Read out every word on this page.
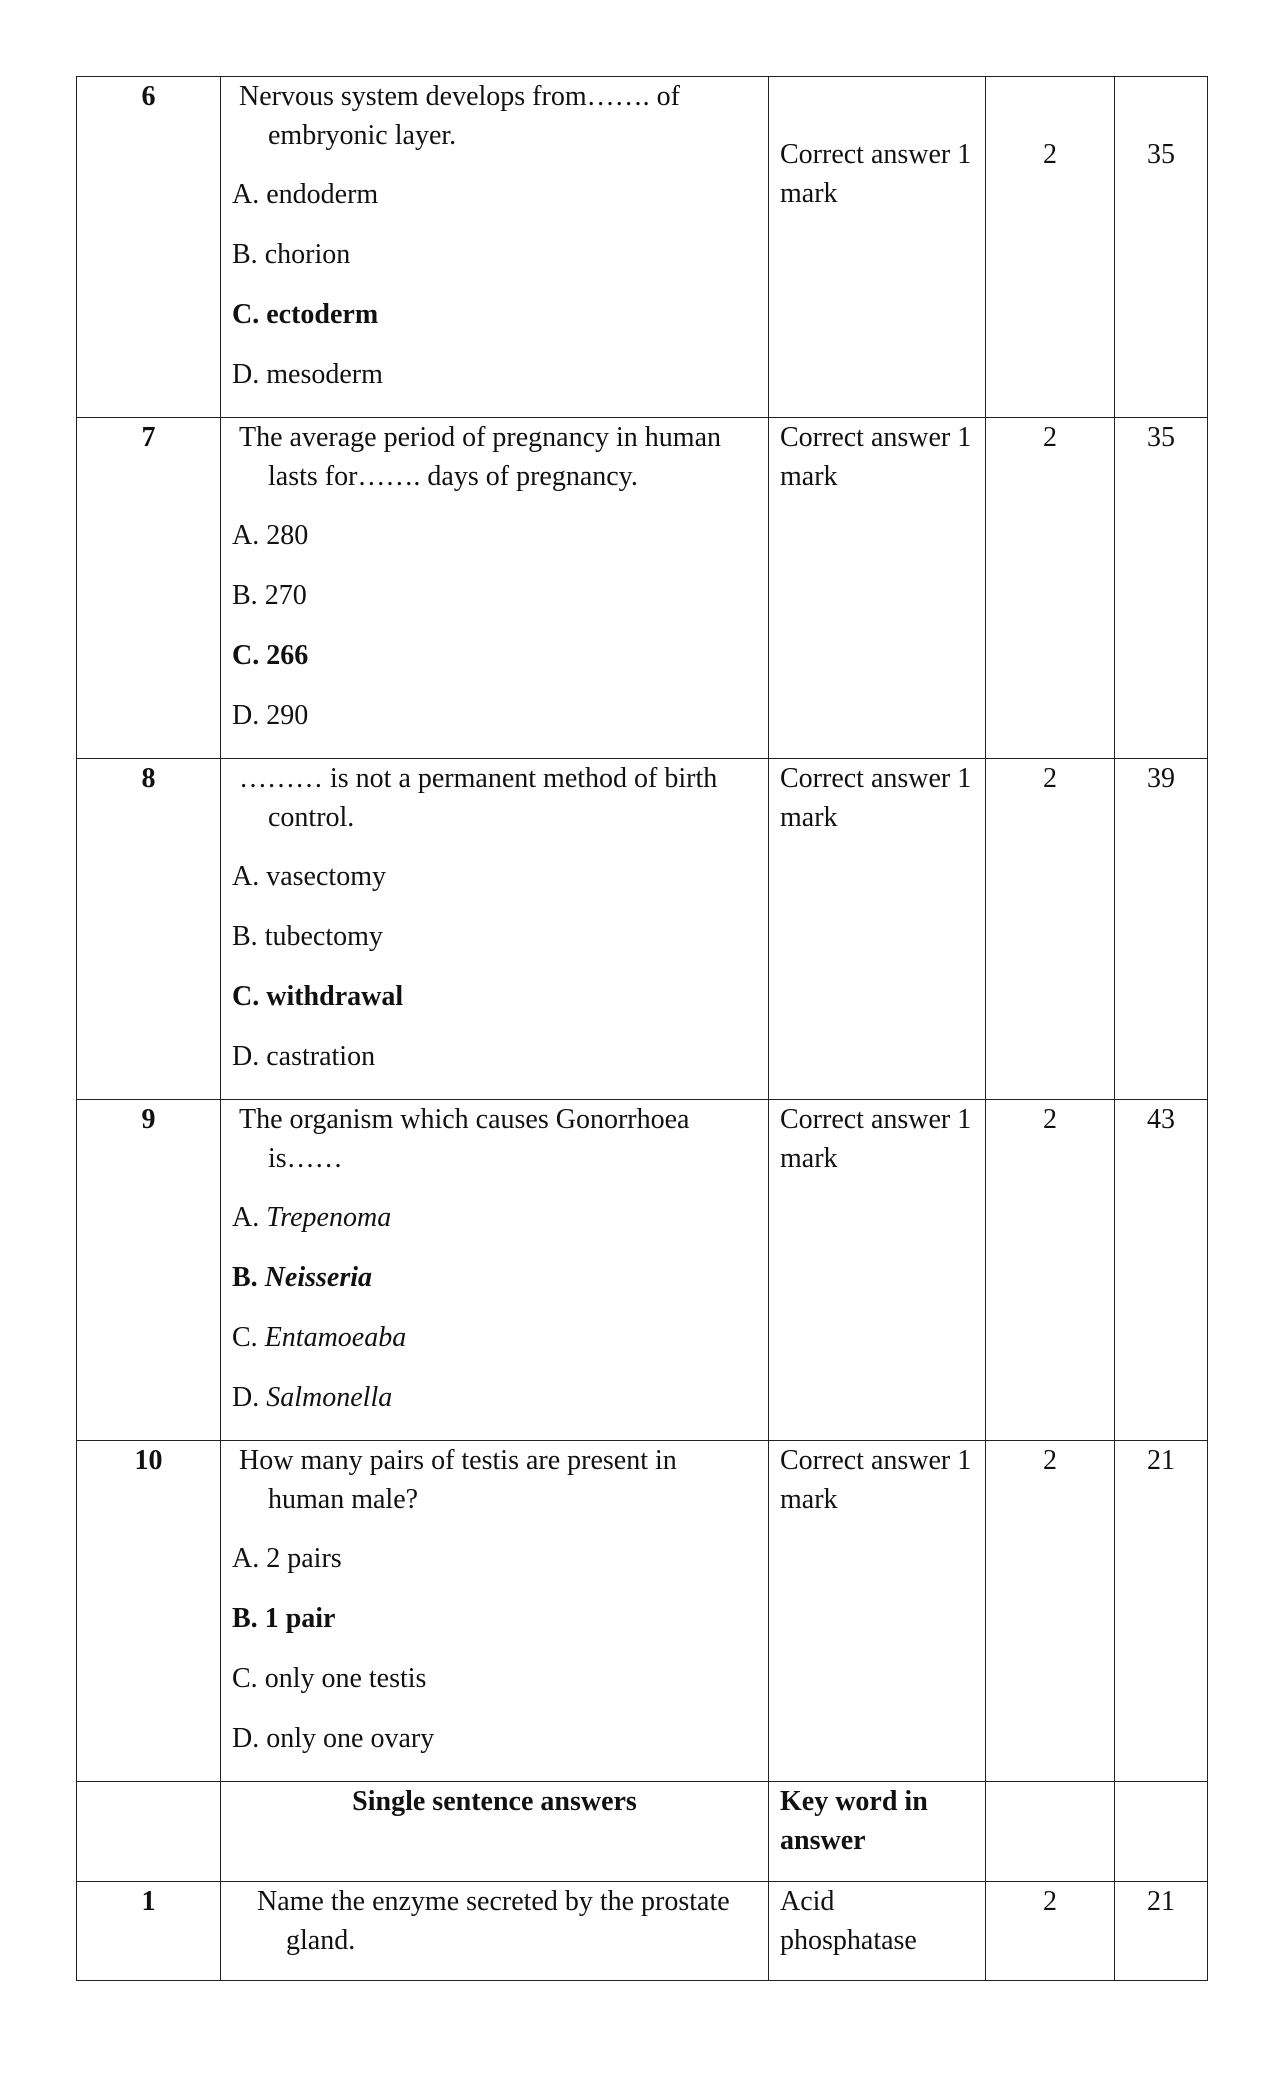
6	Nervous system develops from……. of embryonic layer.
A. endoderm
B. chorion
C. ectoderm
D. mesoderm	Correct answer 1 mark	2	35

7	The average period of pregnancy in human lasts for……. days of pregnancy.
A. 280
B. 270
C. 266
D. 290	Correct answer 1 mark	2	35
8	……… is not a permanent method of birth control.
A. vasectomy
B. tubectomy
C. withdrawal
D. castration	Correct answer 1 mark	2	39
9	The organism which causes Gonorrhoea is……
A. Trepenoma
B. Neisseria
C. Entamoeaba
D. Salmonella	Correct answer 1 mark	2	43
10	How many pairs of testis are present in human male?
A. 2 pairs
B. 1 pair
C. only one testis
D. only one ovary	Correct answer 1 mark	2	21
	Single sentence answers	Key word in answer		
1	Name the enzyme secreted by the prostate gland.	Acid phosphatase	2	21
